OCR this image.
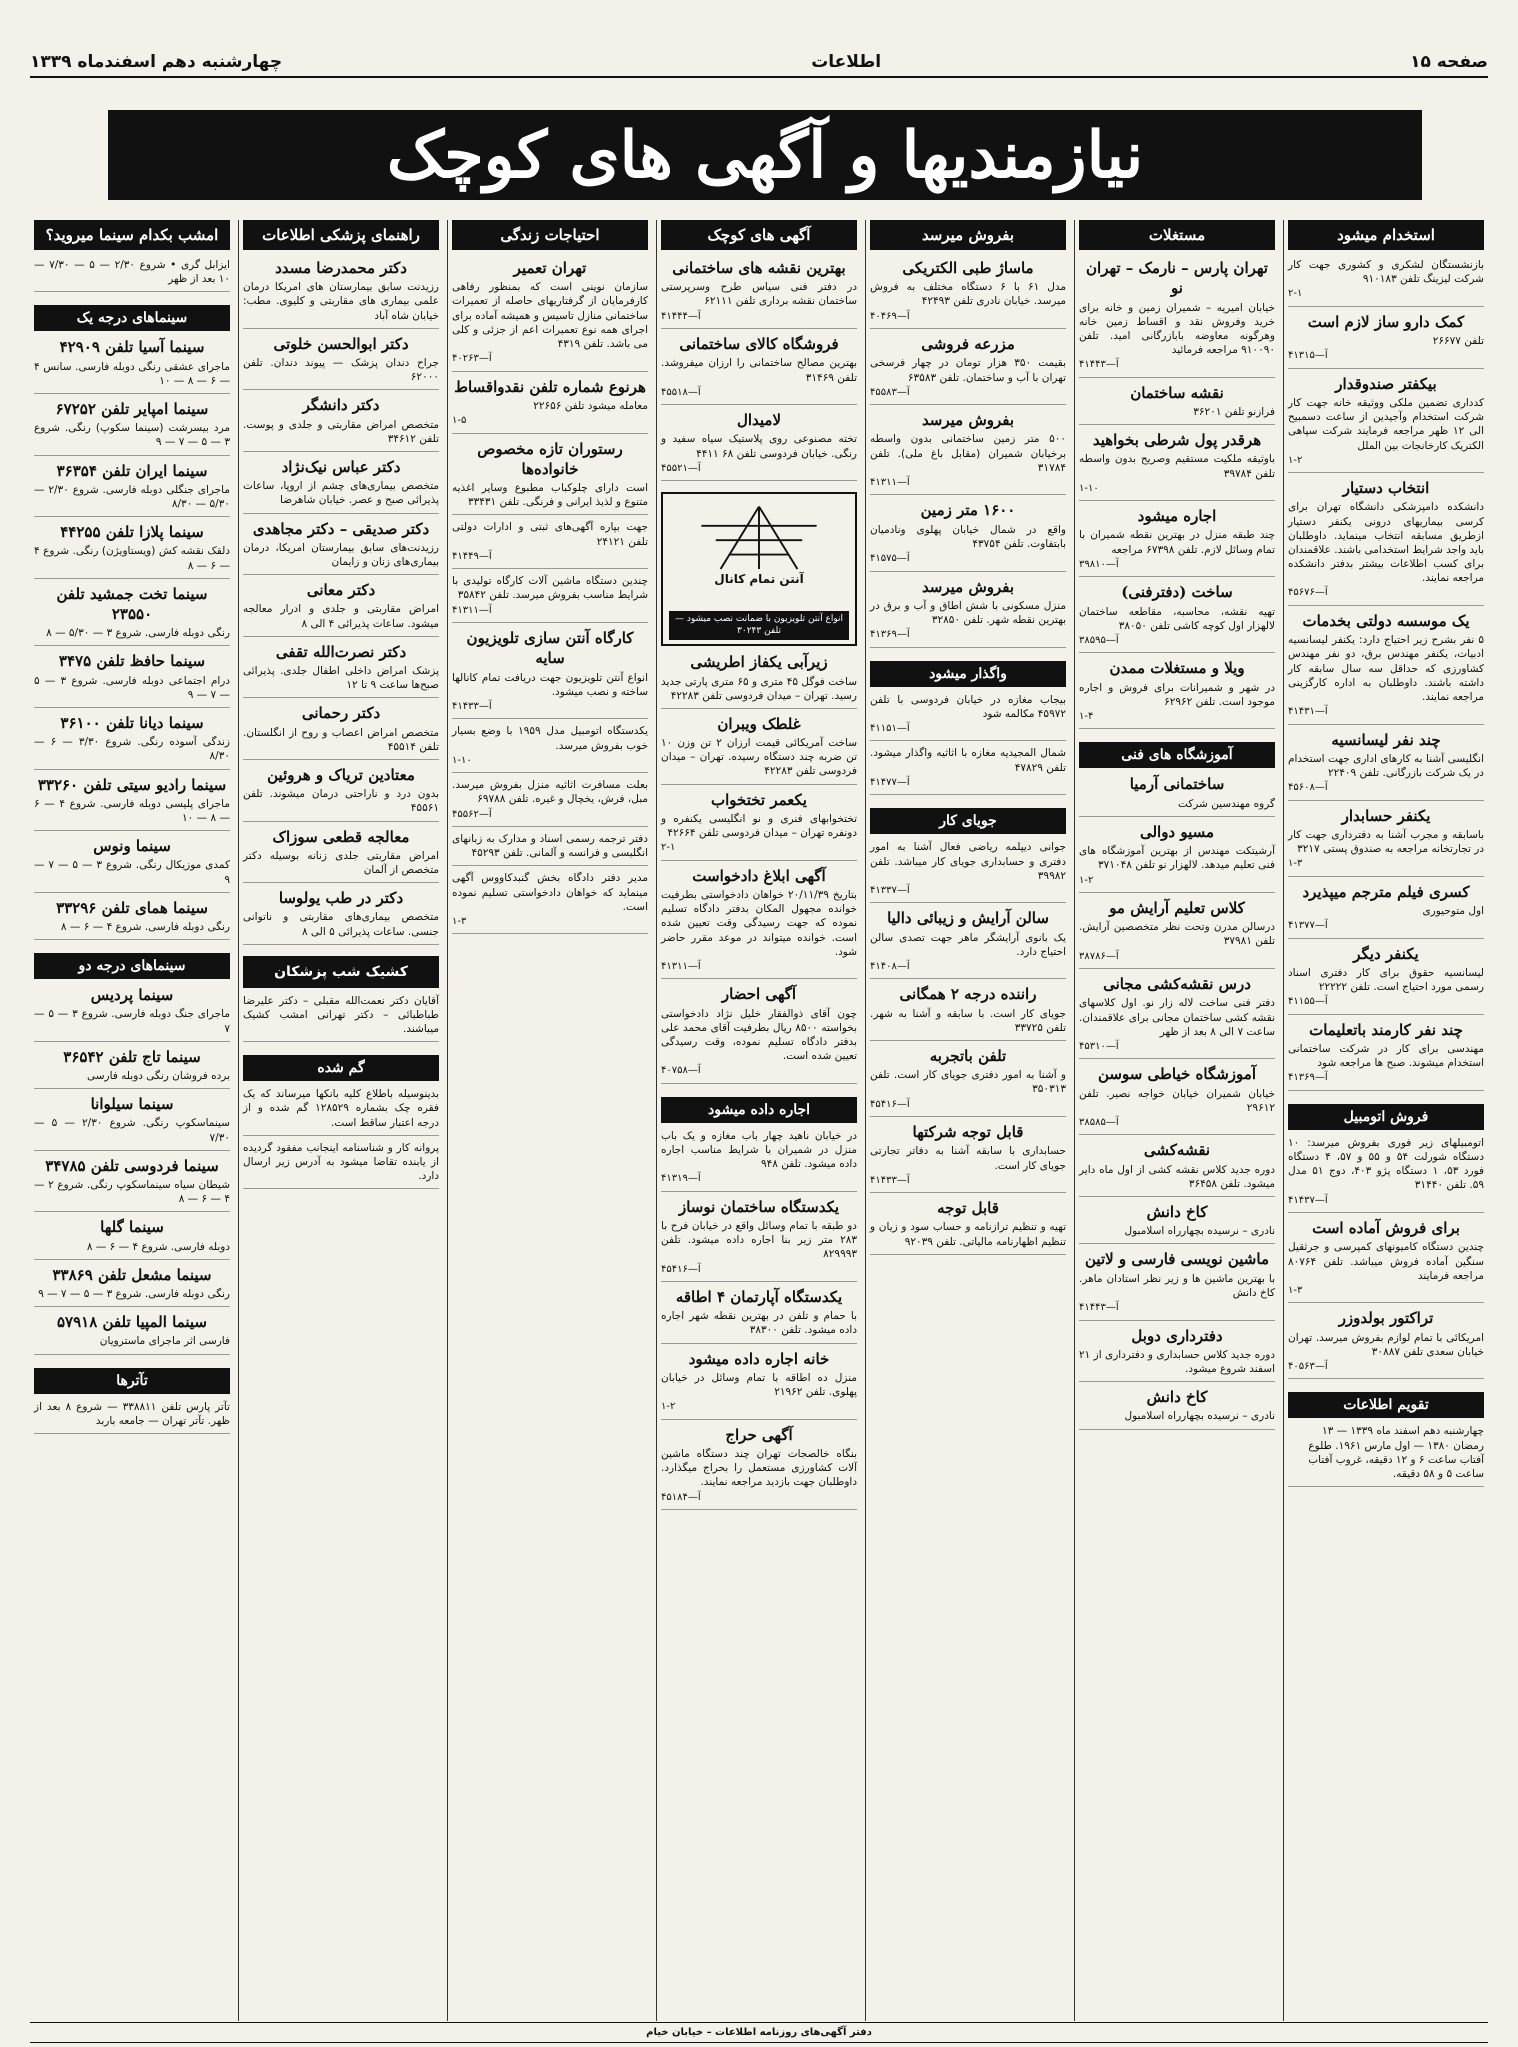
صفحه ۱۵
اطلاعات
چهارشنبه دهم اسفندماه ۱۳۳۹
نیازمندیها و آگهی های کوچک
استخدام میشود
بازنشستگان لشکری و کشوری جهت کار شرکت لیزینگ تلفن ۹۱۰۱۸۳
۲-۱
کمک دارو ساز لازم است
تلفن ۲۶۶۷۷
آ—۴۱۳۱۵
بیکفتر صندوقدار
کدداری تضمین ملکی ووثیقه خانه جهت کار شرکت استخدام وآجیدین از ساعت دسمبیح الی ۱۲ ظهر مراجعه فرمایند شرکت سپاهی الکتریک کارخانجات بین الملل
۱-۲
انتخاب دستیار
دانشکده دامپزشکی دانشگاه تهران برای کرسی بیماریهای درونی یکنفر دستیار ازطریق مسابقه انتخاب مینماید. داوطلبان باید واجد شرایط استخدامی باشند. علاقمندان برای کسب اطلاعات بیشتر بدفتر دانشکده مراجعه نمایند.
آ—۴۵۶۷۶
یک موسسه دولتی بخدمات
۵ نفر بشرح زیر احتیاج دارد: یکنفر لیسانسیه ادبیات، یکنفر مهندس برق، دو نفر مهندس کشاورزی که حداقل سه سال سابقه کار داشته باشند. داوطلبان به اداره کارگزینی مراجعه نمایند.
آ—۴۱۴۳۱
چند نفر لیسانسیه
انگلیسی آشنا به کارهای اداری جهت استخدام در یک شرکت بازرگانی. تلفن ۲۲۴۰۹
آ—۴۵۶۰۸
یکنفر حسابدار
باسابقه و مجرب آشنا به دفترداری جهت کار در تجارتخانه مراجعه به صندوق پستی ۳۲۱۷
۱-۳
کسری فیلم مترجم میپذیرد
اول متوحیوری
آ—۴۱۳۷۷
یکنفر دیگر
لیسانسیه حقوق برای کار دفتری اسناد رسمی مورد احتیاج است. تلفن ۲۲۲۲۲
آ—۴۱۱۵۵
چند نفر کارمند باتعلیمات
مهندسی برای کار در شرکت ساختمانی استخدام میشوند. صبح ها مراجعه شود
آ—۴۱۳۶۹
فروش اتومبیل
اتومبیلهای زیر فوری بفروش میرسد: ۱۰ دستگاه شورلت ۵۴ و ۵۵ و ۵۷، ۴ دستگاه فورد ۵۳، ۱ دستگاه پژو ۴۰۳، دوج ۵۱ مدل ۵۹. تلفن ۳۱۴۴۰
آ—۴۱۴۳۷
برای فروش آماده است
چندین دستگاه کامیونهای کمپرسی و جرثقیل سنگین آماده فروش میباشد. تلفن ۸۰۷۶۴ مراجعه فرمایند
۱-۳
تراکتور بولدوزر
امریکائی با تمام لوازم بفروش میرسد. تهران خیابان سعدی تلفن ۳۰۸۸۷
آ—۴۰۵۶۳
تقویم اطلاعات
چهارشنبه دهم اسفند ماه ۱۳۳۹ — ۱۳ رمضان ۱۳۸۰ — اول مارس ۱۹۶۱. طلوع آفتاب ساعت ۶ و ۱۲ دقیقه، غروب آفتاب ساعت ۵ و ۵۸ دقیقه.
مستغلات
تهران پارس – نارمک – تهران نو
خیابان امیریه – شمیران زمین و خانه برای خرید وفروش نقد و اقساط زمین خانه وهرگونه معاوضه بابازرگانی امید. تلفن ۹۱۰۰۹۰ مراجعه فرمائید
آ—۴۱۴۴۳
نقشه ساختمان
فرازنو تلفن ۳۶۲۰۱
هرقدر پول شرطی بخواهید
باوثیقه ملکیت مستقیم وصریح بدون واسطه تلفن ۳۹۷۸۴
۱-۱۰
اجاره میشود
چند طبقه منزل در بهترین نقطه شمیران با تمام وسائل لازم. تلفن ۶۷۳۹۸ مراجعه
آ—۳۹۸۱۰
ساخت (دفترفنی)
تهیه نقشه، محاسبه، مقاطعه ساختمان لالهزار اول کوچه کاشی تلفن ۳۸۰۵۰
آ—۳۸۵۹۵
ویلا و مستغلات ممدن
در شهر و شمیرانات برای فروش و اجاره موجود است. تلفن ۶۲۹۶۲
۱-۴
آموزشگاه های فنی
ساختمانی آرمیا
گروه مهندسین شرکت
مسیو دوالی
آرشیتکت مهندس از بهترین آموزشگاه های فنی تعلیم میدهد. لالهزار نو تلفن ۳۷۱۰۴۸
۱-۲
کلاس تعلیم آرایش مو
درسالن مدرن وتحت نظر متخصصین آرایش. تلفن ۳۷۹۸۱
آ—۳۸۷۸۶
درس نقشه‌کشی مجانی
دفتر فنی ساخت لاله زار نو. اول کلاسهای نقشه کشی ساختمان مجانی برای علاقمندان. ساعت ۷ الی ۸ بعد از ظهر
آ—۴۵۳۱۰
آموزشگاه خیاطی سوسن
خیابان شمیران خیابان خواجه نصیر. تلفن ۲۹۶۱۲
آ—۳۸۵۸۵
نقشه‌کشی
دوره جدید کلاس نقشه کشی از اول ماه دایر میشود. تلفن ۳۶۴۵۸
کاخ دانش
نادری – نرسیده بچهارراه اسلامبول
ماشین نویسی فارسی و لاتین
با بهترین ماشین ها و زیر نظر استادان ماهر. کاخ دانش
آ—۴۱۴۴۳
دفترداری دوبل
دوره جدید کلاس حسابداری و دفترداری از ۲۱ اسفند شروع میشود.
کاخ دانش
نادری – نرسیده بچهارراه اسلامبول
بفروش میرسد
ماساژ طبی الکتریکی
مدل ۶۱ با ۶ دستگاه مختلف به فروش میرسد. خیابان نادری تلفن ۴۲۴۹۳
آ—۴۰۴۶۹
مزرعه فروشی
بقیمت ۳۵۰ هزار تومان در چهار فرسخی تهران با آب و ساختمان. تلفن ۶۳۵۸۳
آ—۴۵۵۸۳
بفروش میرسد
۵۰۰ متر زمین ساختمانی بدون واسطه برخیابان شمیران (مقابل باغ ملی). تلفن ۳۱۷۸۴
آ—۴۱۳۱۱
۱۶۰۰ متر زمین
واقع در شمال خیابان پهلوی ونادمیان بابتفاوت. تلفن ۴۳۷۵۴
آ—۴۱۵۷۵
بفروش میرسد
منزل مسکونی با شش اطاق و آب و برق در بهترین نقطه شهر. تلفن ۳۲۸۵۰
آ—۴۱۳۶۹
واگذار میشود
بیجاب مغازه در خیابان فردوسی با تلفن ۴۵۹۷۲ مکالمه شود
آ—۴۱۱۵۱
شمال المجیدیه مغازه با اثاثیه واگذار میشود. تلفن ۴۷۸۲۹
آ—۴۱۴۷۷
جویای کار
جوانی دیپلمه ریاضی فعال آشنا به امور دفتری و حسابداری جویای کار میباشد. تلفن ۳۹۹۸۲
آ—۴۱۳۳۷
سالن آرایش و زیبائی دالیا
یک بانوی آرایشگر ماهر جهت تصدی سالن احتیاج دارد.
آ—۴۱۴۰۸
راننده درجه ۲ همگانی
جویای کار است. با سابقه و آشنا به شهر. تلفن ۳۳۷۲۵
تلفن باتجربه
و آشنا به امور دفتری جویای کار است. تلفن ۳۵۰۳۱۳
آ—۴۵۴۱۶
قابل توجه شرکتها
حسابداری با سابقه آشنا به دفاتر تجارتی جویای کار است.
آ—۴۱۴۳۳
قابل توجه
تهیه و تنظیم ترازنامه و حساب سود و زیان و تنظیم اظهارنامه مالیاتی. تلفن ۹۲۰۳۹
آگهی های کوچک
بهترین نقشه های ساختمانی
در دفتر فنی سیاس طرح وسرپرستی ساختمان نقشه برداری تلفن ۶۲۱۱۱
آ—۴۱۴۴۴
فروشگاه کالای ساختمانی
بهترین مصالح ساختمانی را ارزان میفروشد. تلفن ۳۱۴۶۹
آ—۴۵۵۱۸
لامیدال
تخته مصنوعی روی پلاستیک سیاه سفید و رنگی. خیابان فردوسی تلفن ۶۸ ۴۴۱۱
آ—۴۵۵۲۱
آنتن تمام کانال
انواع آنتن تلویزیون با ضمانت نصب میشود — تلفن ۳۰۲۴۳
زیرآبی یکفاز اطریشی
ساخت فوگل ۴۵ متری و ۶۵ متری پارتی جدید رسید. تهران – میدان فردوسی تلفن ۴۲۲۸۳
غلطک ویبران
ساخت آمریکائی قیمت ارزان ۲ تن وزن ۱۰ تن ضربه چند دستگاه رسیده. تهران – میدان فردوسی تلفن ۴۲۲۸۳
یکعمر تختخواب
تختخوابهای فنری و نو انگلیسی یکنفره و دونفره تهران – میدان فردوسی تلفن ۴۲۶۶۴
۲-۱
آگهی ابلاغ دادخواست
بتاریخ ۲۰/۱۱/۳۹ خواهان دادخواستی بطرفیت خوانده مجهول المکان بدفتر دادگاه تسلیم نموده که جهت رسیدگی وقت تعیین شده است. خوانده میتواند در موعد مقرر حاضر شود.
آ—۴۱۳۱۱
آگهی احضار
چون آقای ذوالفقار خلیل نژاد دادخواستی بخواسته ۸۵۰۰ ریال بطرفیت آقای محمد علی بدفتر دادگاه تسلیم نموده، وقت رسیدگی تعیین شده است.
آ—۴۰۷۵۸
اجاره داده میشود
در خیابان ناهید چهار باب مغازه و یک باب منزل در شمیران با شرایط مناسب اجاره داده میشود. تلفن ۹۴۸
آ—۴۱۳۱۹
یکدستگاه ساختمان نوساز
دو طبقه با تمام وسائل واقع در خیابان فرح با ۲۸۳ متر زیر بنا اجاره داده میشود. تلفن ۸۲۹۹۹۳
آ—۴۵۴۱۶
یکدستگاه آپارتمان ۴ اطاقه
با حمام و تلفن در بهترین نقطه شهر اجاره داده میشود. تلفن ۳۸۳۰۰
خانه اجاره داده میشود
منزل ده اطاقه با تمام وسائل در خیابان پهلوی. تلفن ۲۱۹۶۲
۱-۲
آگهی حراج
بنگاه خالصجات تهران چند دستگاه ماشین آلات کشاورزی مستعمل را بحراج میگذارد. داوطلبان جهت بازدید مراجعه نمایند.
آ—۴۵۱۸۴
احتیاجات زندگی
تهران تعمیر
سازمان نوینی است که بمنظور رفاهی کارفرمایان از گرفتاریهای حاصله از تعمیرات ساختمانی منازل تاسیس و همیشه آماده برای اجرای همه نوع تعمیرات اعم از جزئی و کلی می باشد. تلفن ۴۳۱۹
آ—۴۰۲۶۳
هرنوع شماره تلفن نقدواقساط
معامله میشود تلفن ۲۲۶۵۶
۱-۵
رستوران تازه مخصوص خانواده‌ها
است دارای چلوکباب مطبوع وسایر اغذیه متنوع و لذیذ ایرانی و فرنگی. تلفن ۳۳۴۳۱
جهت بپاره آگهی‌های ثبتی و ادارات دولتی تلفن ۲۴۱۲۱
آ—۴۱۴۴۹
چندین دستگاه ماشین آلات کارگاه تولیدی با شرایط مناسب بفروش میرسد. تلفن ۳۵۸۴۲
آ—۴۱۳۱۱
کارگاه آنتن سازی تلویزیون سایه
انواع آنتن تلویزیون جهت دریافت تمام کانالها ساخته و نصب میشود.
آ—۴۱۴۳۳
یکدستگاه اتومبیل مدل ۱۹۵۹ با وضع بسیار خوب بفروش میرسد.
۱-۱۰
بعلت مسافرت اثاثیه منزل بفروش میرسد. مبل، فرش، یخچال و غیره. تلفن ۶۹۷۸۸
آ—۴۵۵۶۲
دفتر ترجمه رسمی اسناد و مدارک به زبانهای انگلیسی و فرانسه و آلمانی. تلفن ۴۵۲۹۳
مدیر دفتر دادگاه بخش گنبدکاووس آگهی مینماید که خواهان دادخواستی تسلیم نموده است.
۱-۳
راهنمای پزشکی اطلاعات
دکتر محمدرضا مسدد
رزیدنت سابق بیمارستان های امریکا درمان علمی بیماری های مقاربتی و کلیوی. مطب: خیابان شاه آباد
دکتر ابوالحسن خلوتی
جراح دندان پزشک — پیوند دندان. تلفن ۶۲۰۰۰
دکتر دانشگر
متخصص امراض مقاربتی و جلدی و پوست. تلفن ۳۴۶۱۲
دکتر عباس نیک‌نژاد
متخصص بیماری‌های چشم از اروپا، ساعات پذیرائی صبح و عصر. خیابان شاهرضا
دکتر صدیقی – دکتر مجاهدی
رزیدنت‌های سابق بیمارستان امریکا، درمان بیماری‌های زنان و زایمان
دکتر معانی
امراض مقاربتی و جلدی و ادرار معالجه میشود. ساعات پذیرائی ۴ الی ۸
دکتر نصرت‌الله تقفی
پزشک امراض داخلی اطفال جلدی. پذیرائی صبح‌ها ساعت ۹ تا ۱۲
دکتر رحمانی
متخصص امراض اعصاب و روح از انگلستان. تلفن ۴۵۵۱۴
معتادین تریاک و هروئین
بدون درد و ناراحتی درمان میشوند. تلفن ۴۵۵۶۱
معالجه قطعی سوزاک
امراض مقاربتی جلدی زنانه بوسیله دکتر متخصص از آلمان
دکتر در طب یولوسا
متخصص بیماری‌های مقاربتی و ناتوانی جنسی. ساعات پذیرائی ۵ الی ۸
کشیک شب پزشکان
آقایان دکتر نعمت‌الله مقبلی – دکتر علیرضا طباطبائی – دکتر تهرانی امشب کشیک میباشند.
گم شده
بدینوسیله باطلاع کلیه بانکها میرساند که یک فقره چک بشماره ۱۲۸۵۲۹ گم شده و از درجه اعتبار ساقط است.
پروانه کار و شناسنامه اینجانب مفقود گردیده از یابنده تقاضا میشود به آدرس زیر ارسال دارد.
امشب بکدام سینما میروید؟
ایزابل گری • شروع ۲/۳۰ — ۵ — ۷/۳۰ — ۱۰ بعد از ظهر
سینماهای درجه یک
سینما آسیا تلفن ۴۲۹۰۹
ماجرای عشقی رنگی دوبله فارسی. سانس ۴ — ۶ — ۸ — ۱۰
سینما امپایر تلفن ۶۷۲۵۲
مرد بیسرشت (سینما سکوپ) رنگی. شروع ۳ — ۵ — ۷ — ۹
سینما ایران تلفن ۳۶۳۵۴
ماجرای جنگلی دوبله فارسی. شروع ۲/۳۰ — ۵/۳۰ — ۸/۳۰
سینما پلازا تلفن ۴۴۲۵۵
دلقک نقشه کش (ویستاویژن) رنگی. شروع ۴ — ۶ — ۸
سینما تخت جمشید تلفن ۲۳۵۵۰
رنگی دوبله فارسی. شروع ۳ — ۵/۳۰ — ۸
سینما حافظ تلفن ۳۴۷۵
درام اجتماعی دوبله فارسی. شروع ۳ — ۵ — ۷ — ۹
سینما دیانا تلفن ۳۶۱۰۰
زندگی آسوده رنگی. شروع ۳/۳۰ — ۶ — ۸/۳۰
سینما رادیو سیتی تلفن ۳۳۲۶۰
ماجرای پلیسی دوبله فارسی. شروع ۴ — ۶ — ۸ — ۱۰
سینما ونوس
کمدی موزیکال رنگی. شروع ۳ — ۵ — ۷ — ۹
سینما همای تلفن ۳۳۲۹۶
رنگی دوبله فارسی. شروع ۴ — ۶ — ۸
سینماهای درجه دو
سینما پردیس
ماجرای جنگ دوبله فارسی. شروع ۳ — ۵ — ۷
سینما تاج تلفن ۳۶۵۴۲
برده فروشان رنگی دوبله فارسی
سینما سیلوانا
سینماسکوپ رنگی. شروع ۲/۳۰ — ۵ — ۷/۳۰
سینما فردوسی تلفن ۳۴۷۸۵
شیطان سیاه سینماسکوپ رنگی. شروع ۲ — ۴ — ۶ — ۸
سینما گلها
دوبله فارسی. شروع ۴ — ۶ — ۸
سینما مشعل تلفن ۳۳۸۶۹
رنگی دوبله فارسی. شروع ۳ — ۵ — ۷ — ۹
سینما المپیا تلفن ۵۷۹۱۸
فارسی اثر ماجرای ماسترویان
تآترها
تآتر پارس تلفن ۳۳۸۸۱۱ — شروع ۸ بعد از ظهر. تآتر تهران — جامعه باربد
دفتر آگهی‌های روزنامه اطلاعات – خیابان خیام
